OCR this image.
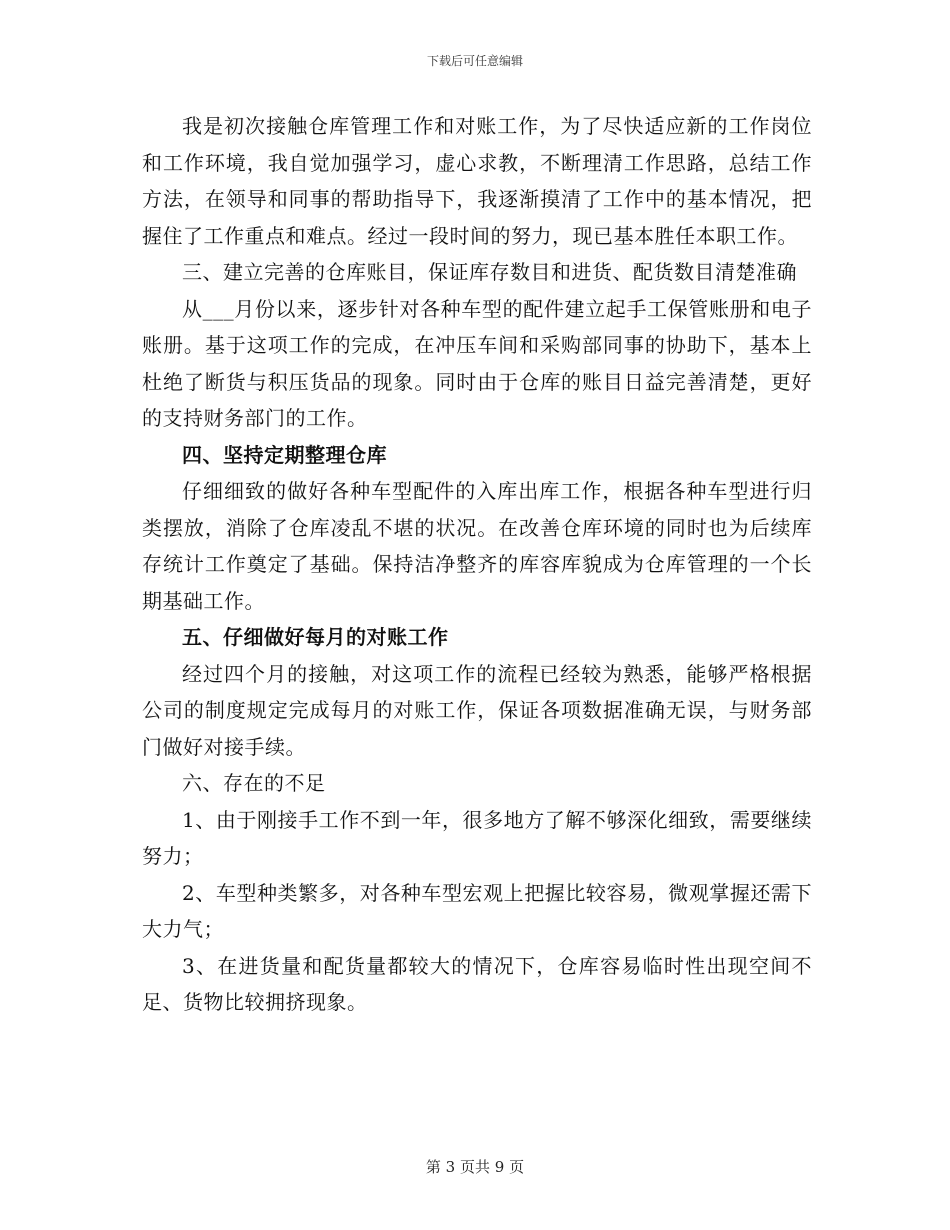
下载后可任意编辑

我是初次接触仓库管理工作和对账工作，为了尽快适应新的工作岗位和工作环境，我自觉加强学习，虚心求教，不断理清工作思路，总结工作方法，在领导和同事的帮助指导下，我逐渐摸清了工作中的基本情况，把握住了工作重点和难点。经过一段时间的努力，现已基本胜任本职工作。

三、建立完善的仓库账目，保证库存数目和进货、配货数目清楚准确

从___月份以来，逐步针对各种车型的配件建立起手工保管账册和电子账册。基于这项工作的完成，在冲压车间和采购部同事的协助下，基本上杜绝了断货与积压货品的现象。同时由于仓库的账目日益完善清楚，更好的支持财务部门的工作。

四、坚持定期整理仓库

仔细细致的做好各种车型配件的入库出库工作，根据各种车型进行归类摆放，消除了仓库凌乱不堪的状况。在改善仓库环境的同时也为后续库存统计工作奠定了基础。保持洁净整齐的库容库貌成为仓库管理的一个长期基础工作。

五、仔细做好每月的对账工作

经过四个月的接触，对这项工作的流程已经较为熟悉，能够严格根据公司的制度规定完成每月的对账工作，保证各项数据准确无误，与财务部门做好对接手续。

六、存在的不足

1、由于刚接手工作不到一年，很多地方了解不够深化细致，需要继续努力；

2、车型种类繁多，对各种车型宏观上把握比较容易，微观掌握还需下大力气；

3、在进货量和配货量都较大的情况下，仓库容易临时性出现空间不足、货物比较拥挤现象。

第 3 页共 9 页
